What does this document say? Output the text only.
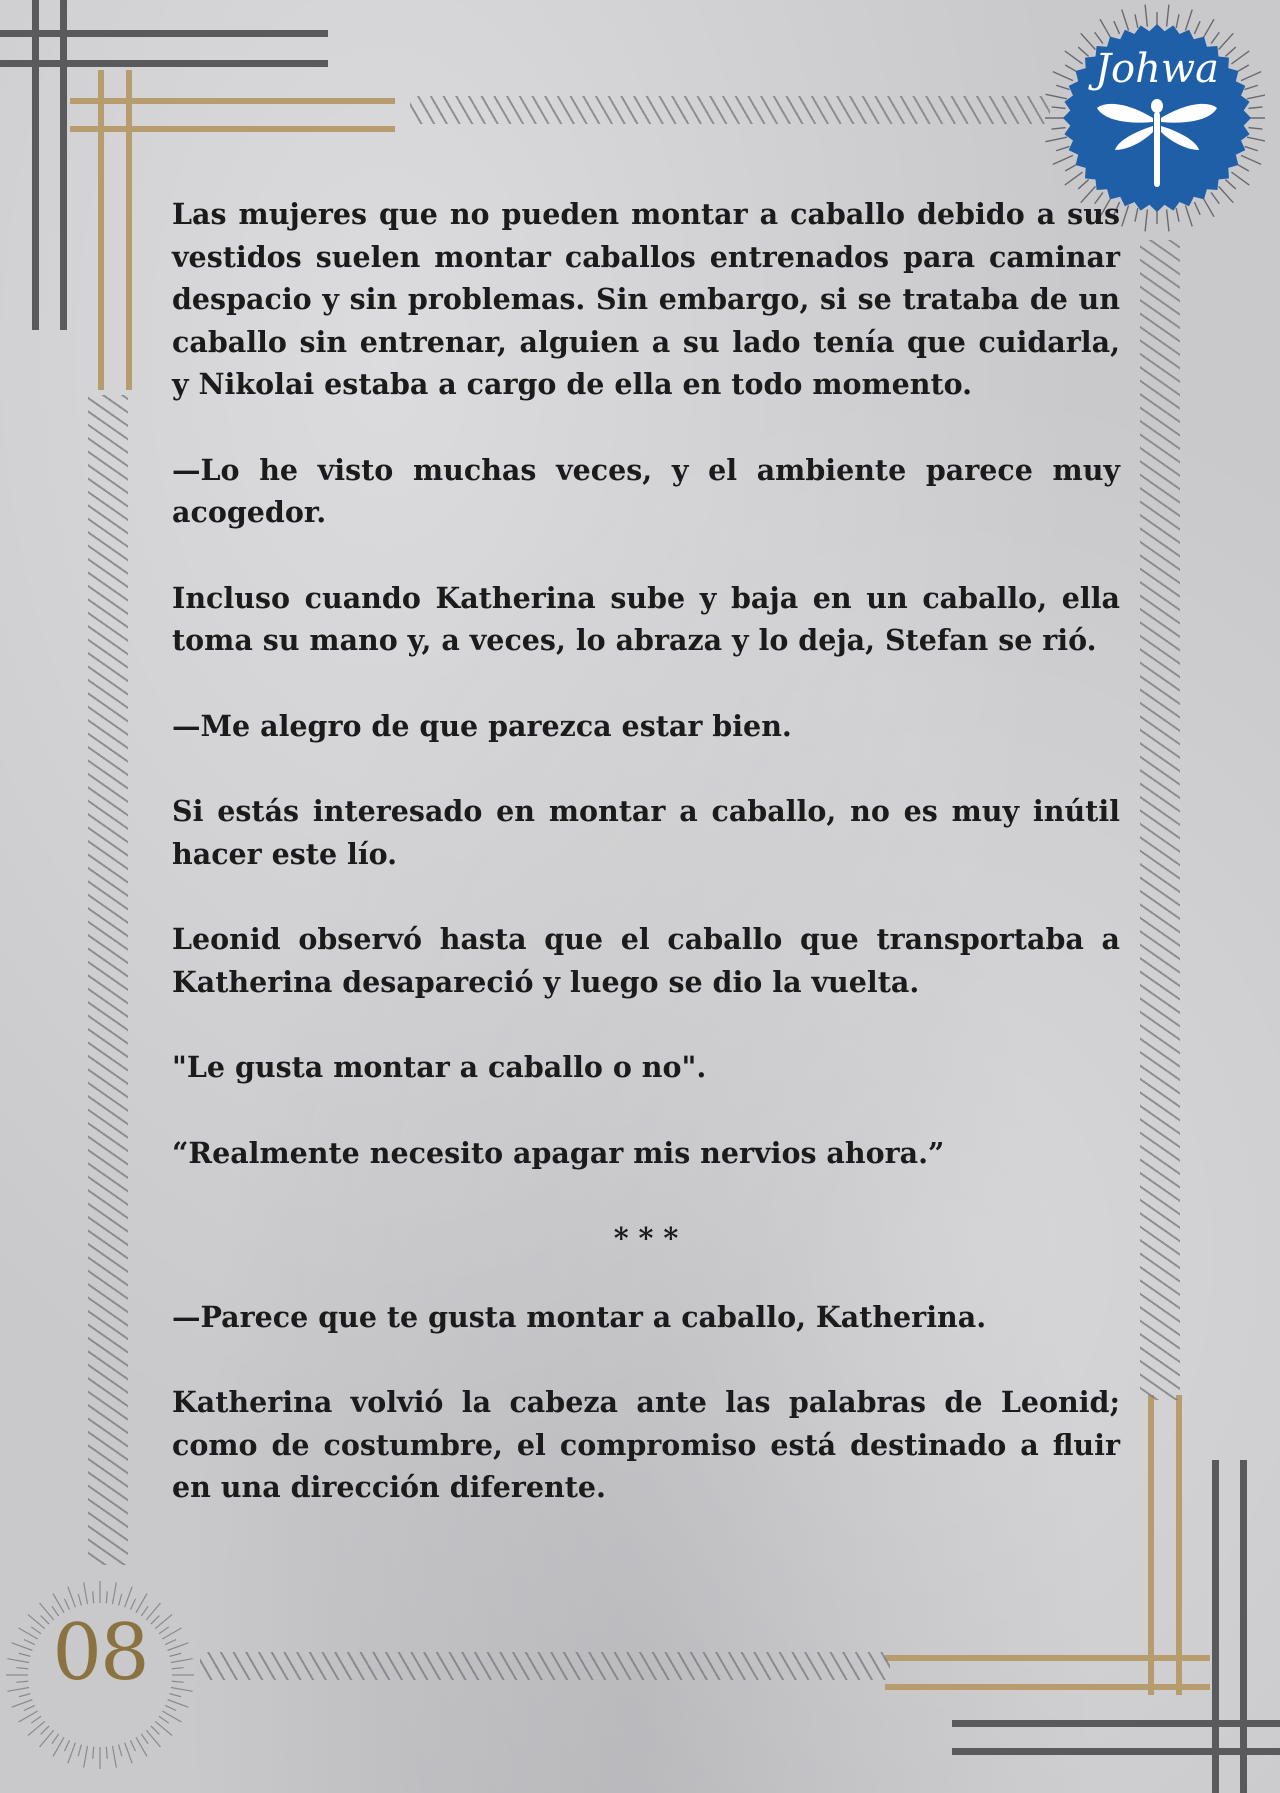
Johwa

Las mujeres que no pueden montar a caballo debido a sus vestidos suelen montar caballos entrenados para caminar despacio y sin problemas. Sin embargo, si se trataba de un caballo sin entrenar, alguien a su lado tenía que cuidarla, y Nikolai estaba a cargo de ella en todo momento.

—Lo he visto muchas veces, y el ambiente parece muy acogedor.

Incluso cuando Katherina sube y baja en un caballo, ella toma su mano y, a veces, lo abraza y lo deja, Stefan se rió.

—Me alegro de que parezca estar bien.

Si estás interesado en montar a caballo, no es muy inútil hacer este lío.

Leonid observó hasta que el caballo que transportaba a Katherina desapareció y luego se dio la vuelta.

"Le gusta montar a caballo o no".

“Realmente necesito apagar mis nervios ahora.”

* * *

—Parece que te gusta montar a caballo, Katherina.

Katherina volvió la cabeza ante las palabras de Leonid; como de costumbre, el compromiso está destinado a fluir en una dirección diferente.

08
